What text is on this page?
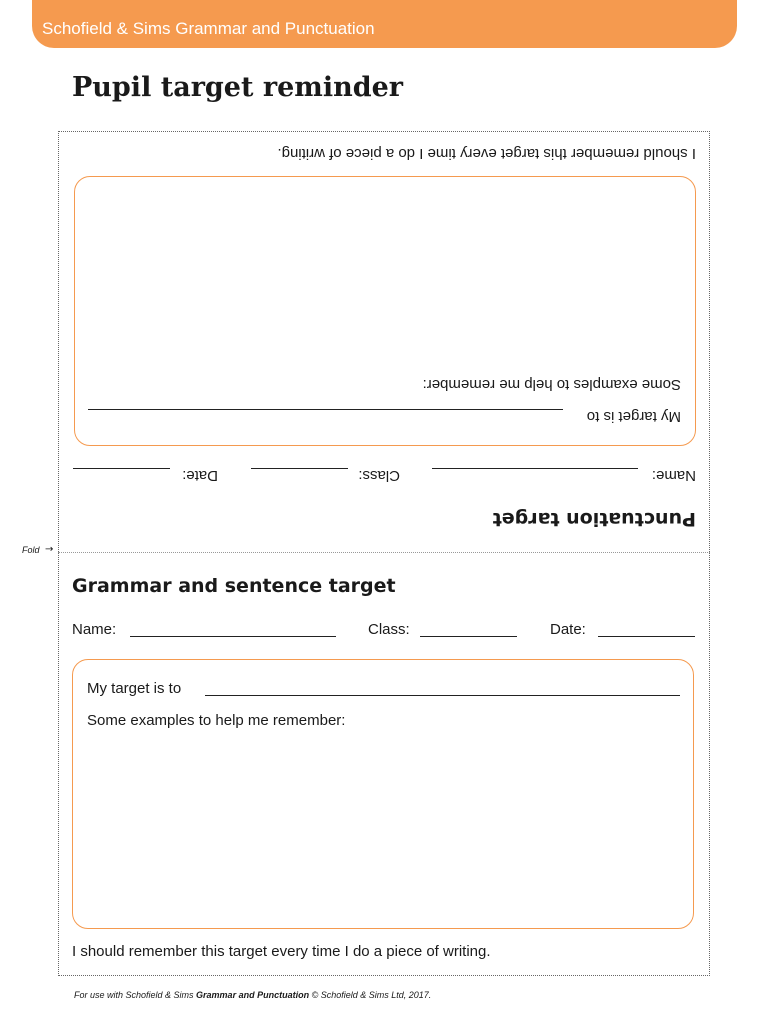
Schofield & Sims Grammar and Punctuation
Pupil target reminder
Punctuation target
Name:
Class:
Date:
My target is to
Some examples to help me remember:
I should remember this target every time I do a piece of writing.
Fold →
Grammar and sentence target
Name:	Class:	Date:
My target is to
Some examples to help me remember:
I should remember this target every time I do a piece of writing.
For use with Schofield & Sims Grammar and Punctuation © Schofield & Sims Ltd, 2017.
